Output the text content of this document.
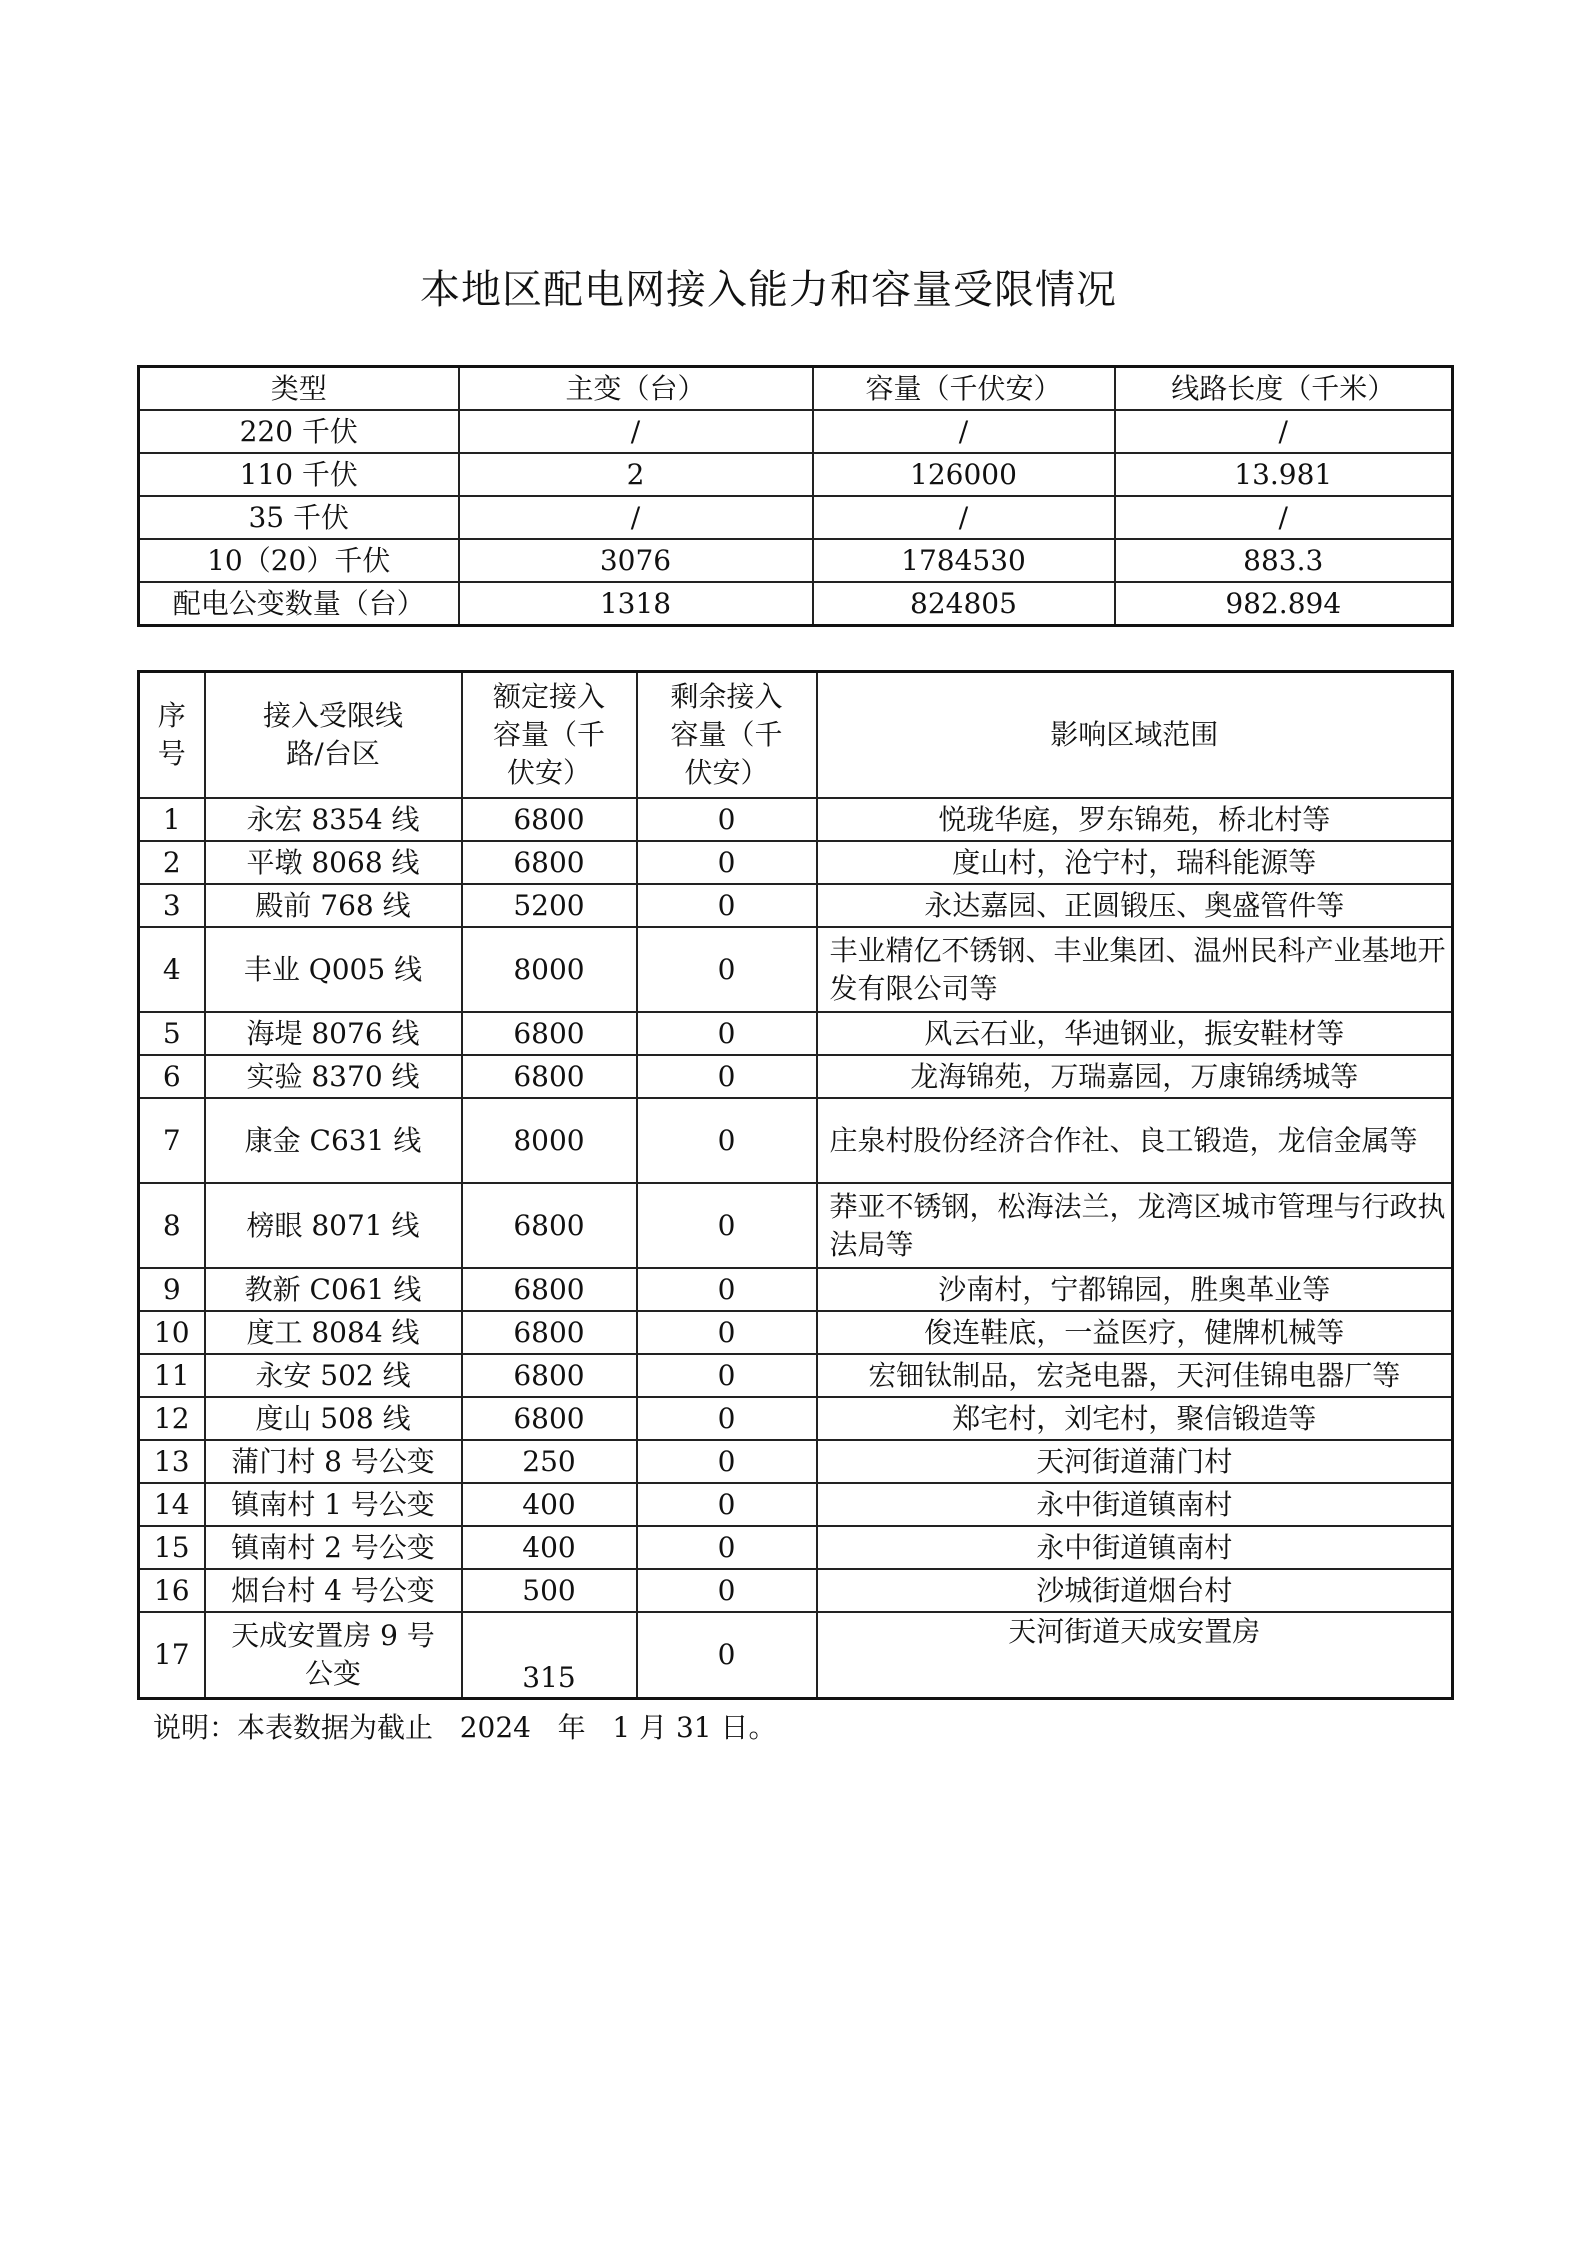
本地区配电网接入能力和容量受限情况
类型	主变（台）	容量（千伏安）	线路长度（千米）
220 千伏	/	/	/
110 千伏	2	126000	13.981
35 千伏	/	/	/
10（20）千伏	3076	1784530	883.3
配电公变数量（台）	1318	824805	982.894
序号	接入受限线路/台区	额定接入容量（千伏安）	剩余接入容量（千伏安）	影响区域范围
1	永宏 8354 线	6800	0	悦珑华庭，罗东锦苑，桥北村等
2	平墩 8068 线	6800	0	度山村，沧宁村，瑞科能源等
3	殿前 768 线	5200	0	永达嘉园、正圆锻压、奥盛管件等
4	丰业 Q005 线	8000	0	丰业精亿不锈钢、丰业集团、温州民科产业基地开发有限公司等
5	海堤 8076 线	6800	0	风云石业，华迪钢业，振安鞋材等
6	实验 8370 线	6800	0	龙海锦苑，万瑞嘉园，万康锦绣城等
7	康金 C631 线	8000	0	庄泉村股份经济合作社、良工锻造，龙信金属等
8	榜眼 8071 线	6800	0	莽亚不锈钢，松海法兰，龙湾区城市管理与行政执法局等
9	教新 C061 线	6800	0	沙南村，宁都锦园，胜奥革业等
10	度工 8084 线	6800	0	俊连鞋底，一益医疗，健牌机械等
11	永安 502 线	6800	0	宏钿钛制品，宏尧电器，天河佳锦电器厂等
12	度山 508 线	6800	0	郑宅村，刘宅村，聚信锻造等
13	蒲门村 8 号公变	250	0	天河街道蒲门村
14	镇南村 1 号公变	400	0	永中街道镇南村
15	镇南村 2 号公变	400	0	永中街道镇南村
16	烟台村 4 号公变	500	0	沙城街道烟台村
17	天成安置房 9 号公变	315	0	天河街道天成安置房

说明：本表数据为截止   2024   年   1 月 31 日。
